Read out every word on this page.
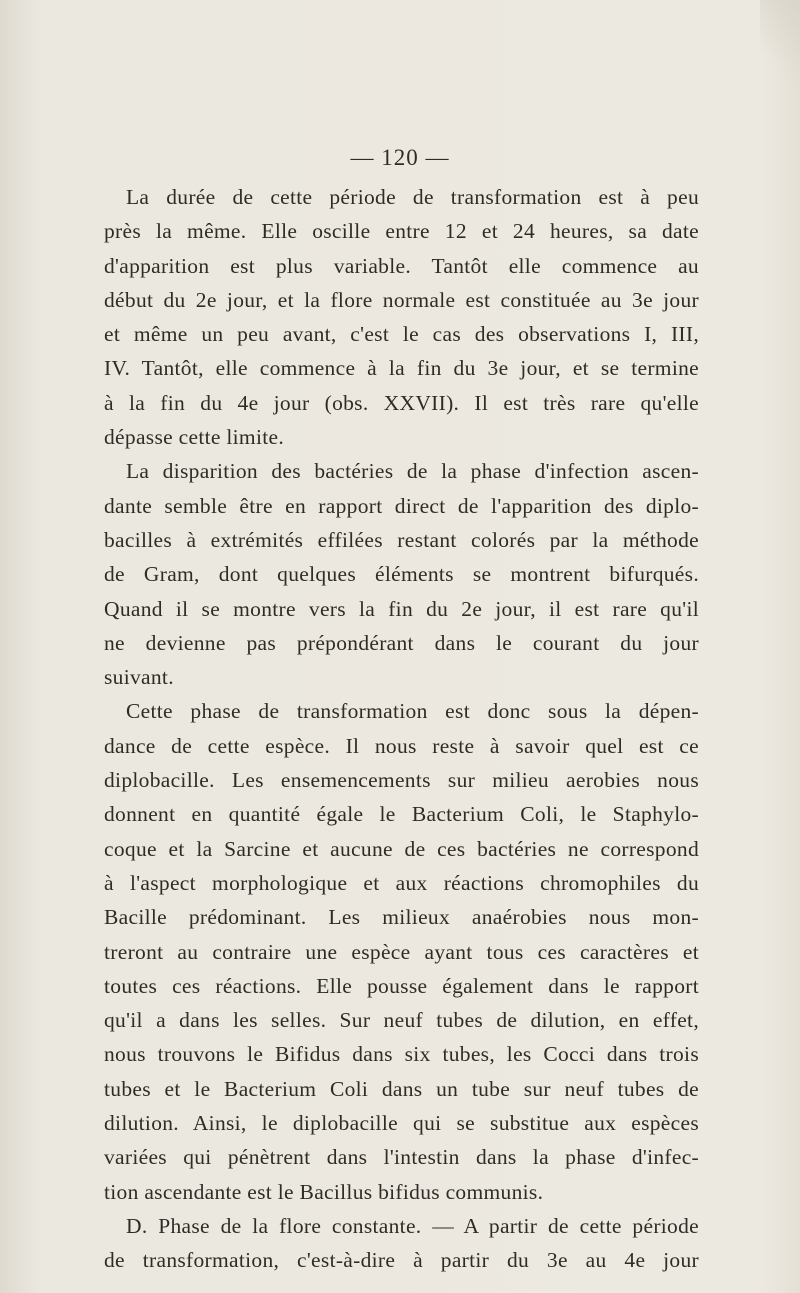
— 120 —
La durée de cette période de transformation est à peu
près la même. Elle oscille entre 12 et 24 heures, sa date
d'apparition est plus variable. Tantôt elle commence au
début du 2e jour, et la flore normale est constituée au 3e jour
et même un peu avant, c'est le cas des observations I, III,
IV. Tantôt, elle commence à la fin du 3e jour, et se termine
à la fin du 4e jour (obs. XXVII). Il est très rare qu'elle
dépasse cette limite.
La disparition des bactéries de la phase d'infection ascen-
dante semble être en rapport direct de l'apparition des diplo-
bacilles à extrémités effilées restant colorés par la méthode
de Gram, dont quelques éléments se montrent bifurqués.
Quand il se montre vers la fin du 2e jour, il est rare qu'il
ne devienne pas prépondérant dans le courant du jour
suivant.
Cette phase de transformation est donc sous la dépen-
dance de cette espèce. Il nous reste à savoir quel est ce
diplobacille. Les ensemencements sur milieu aerobies nous
donnent en quantité égale le Bacterium Coli, le Staphylo-
coque et la Sarcine et aucune de ces bactéries ne correspond
à l'aspect morphologique et aux réactions chromophiles du
Bacille prédominant. Les milieux anaérobies nous mon-
treront au contraire une espèce ayant tous ces caractères et
toutes ces réactions. Elle pousse également dans le rapport
qu'il a dans les selles. Sur neuf tubes de dilution, en effet,
nous trouvons le Bifidus dans six tubes, les Cocci dans trois
tubes et le Bacterium Coli dans un tube sur neuf tubes de
dilution. Ainsi, le diplobacille qui se substitue aux espèces
variées qui pénètrent dans l'intestin dans la phase d'infec-
tion ascendante est le Bacillus bifidus communis.
D. Phase de la flore constante. — A partir de cette période
de transformation, c'est-à-dire à partir du 3e au 4e jour
